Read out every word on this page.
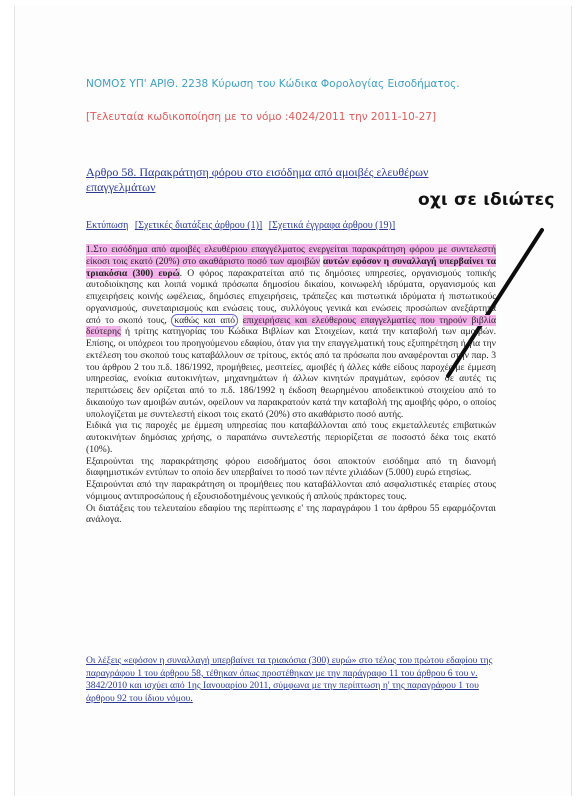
ΝΟΜΟΣ ΥΠ' ΑΡΙΘ. 2238 Κύρωση του Κώδικα Φορολογίας Εισοδήματος.
[Τελευταία κωδικοποίηση με το νόμο :4024/2011 την 2011-10-27]
Αρθρο 58. Παρακράτηση φόρου στο εισόδημα από αμοιβές ελευθέρων επαγγελμάτων
οχι σε ιδιώτες
Εκτύπωση [Σχετικές διατάξεις άρθρου (1)] [Σχετικά έγγραφα άρθρου (19)]

1.Στο εισόδημα από αμοιβές ελευθέριου επαγγέλματος ενεργείται παρακράτηση φόρου με συντελεστή είκοσι τοις εκατό (20%) στο ακαθάριστο ποσό των αμοιβών αυτών εφόσον η συναλλαγή υπερβαίνει τα τριακόσια (300) ευρώ. Ο φόρος παρακρατείται από τις δημόσιες υπηρεσίες, οργανισμούς τοπικής αυτοδιοίκησης και λοιπά νομικά πρόσωπα δημοσίου δικαίου, κοινωφελή ιδρύματα, οργανισμούς και επιχειρήσεις κοινής ωφέλειας, δημόσιες επιχειρήσεις, τράπεζες και πιστωτικά ιδρύματα ή πιστωτικούς οργανισμούς, συνεταιρισμούς και ενώσεις τους, συλλόγους γενικά και ενώσεις προσώπων ανεξάρτητα από το σκοπό τους, καθώς και από επιχειρήσεις και ελεύθερους επαγγελματίες που τηρούν βιβλία δεύτερης ή τρίτης κατηγορίας του Κώδικα Βιβλίων και Στοιχείων, κατά την καταβολή των αμοιβών. Επίσης, οι υπόχρεοι του προηγούμενου εδαφίου, όταν για την επαγγελματική τους εξυπηρέτηση ή για την εκτέλεση του σκοπού τους καταβάλλουν σε τρίτους, εκτός από τα πρόσωπα που αναφέρονται στην παρ. 3 του άρθρου 2 του π.δ. 186/1992, προμήθειες, μεσιτείες, αμοιβές ή άλλες κάθε είδους παροχές με έμμεση υπηρεσίας, ενοίκια αυτοκινήτων, μηχανημάτων ή άλλων κινητών πραγμάτων, εφόσον σε αυτές τις περιπτώσεις δεν ορίζεται από το π.δ. 186/1992 η έκδοση θεωρημένου αποδεικτικού στοιχείου από το δικαιούχο των αμοιβών αυτών, οφείλουν να παρακρατούν κατά την καταβολή της αμοιβής φόρο, ο οποίος υπολογίζεται με συντελεστή είκοσι τοις εκατό (20%) στο ακαθάριστο ποσό αυτής.

Ειδικά για τις παροχές με έμμεση υπηρεσίας που καταβάλλονται από τους εκμεταλλευτές επιβατικών αυτοκινήτων δημόσιας χρήσης, ο παραπάνω συντελεστής περιορίζεται σε ποσοστό δέκα τοις εκατό (10%).

Εξαιρούνται της παρακράτησης φόρου εισοδήματος όσοι αποκτούν εισόδημα από τη διανομή διαφημιστικών εντύπων το οποίο δεν υπερβαίνει το ποσό των πέντε χιλιάδων (5.000) ευρώ ετησίως.

Εξαιρούνται από την παρακράτηση οι προμήθειες που καταβάλλονται από ασφαλιστικές εταιρίες στους νόμιμους αντιπροσώπους ή εξουσιοδοτημένους γενικούς ή απλούς πράκτορες τους.

Οι διατάξεις του τελευταίου εδαφίου της περίπτωσης ε' της παραγράφου 1 του άρθρου 55 εφαρμόζονται ανάλογα.

Οι λέξεις «εφόσον η συναλλαγή υπερβαίνει τα τριακόσια (300) ευρώ» στο τέλος του πρώτου εδαφίου της παραγράφου 1 του άρθρου 58, τέθηκαν όπως προστέθηκαν με την παράγραφο 11 του άρθρου 6 του ν. 3842/2010 και ισχύει από 1ης Ιανουαρίου 2011, σύμφωνα με την περίπτωση η' της παραγράφου 1 του άρθρου 92 του ίδιου νόμου.
